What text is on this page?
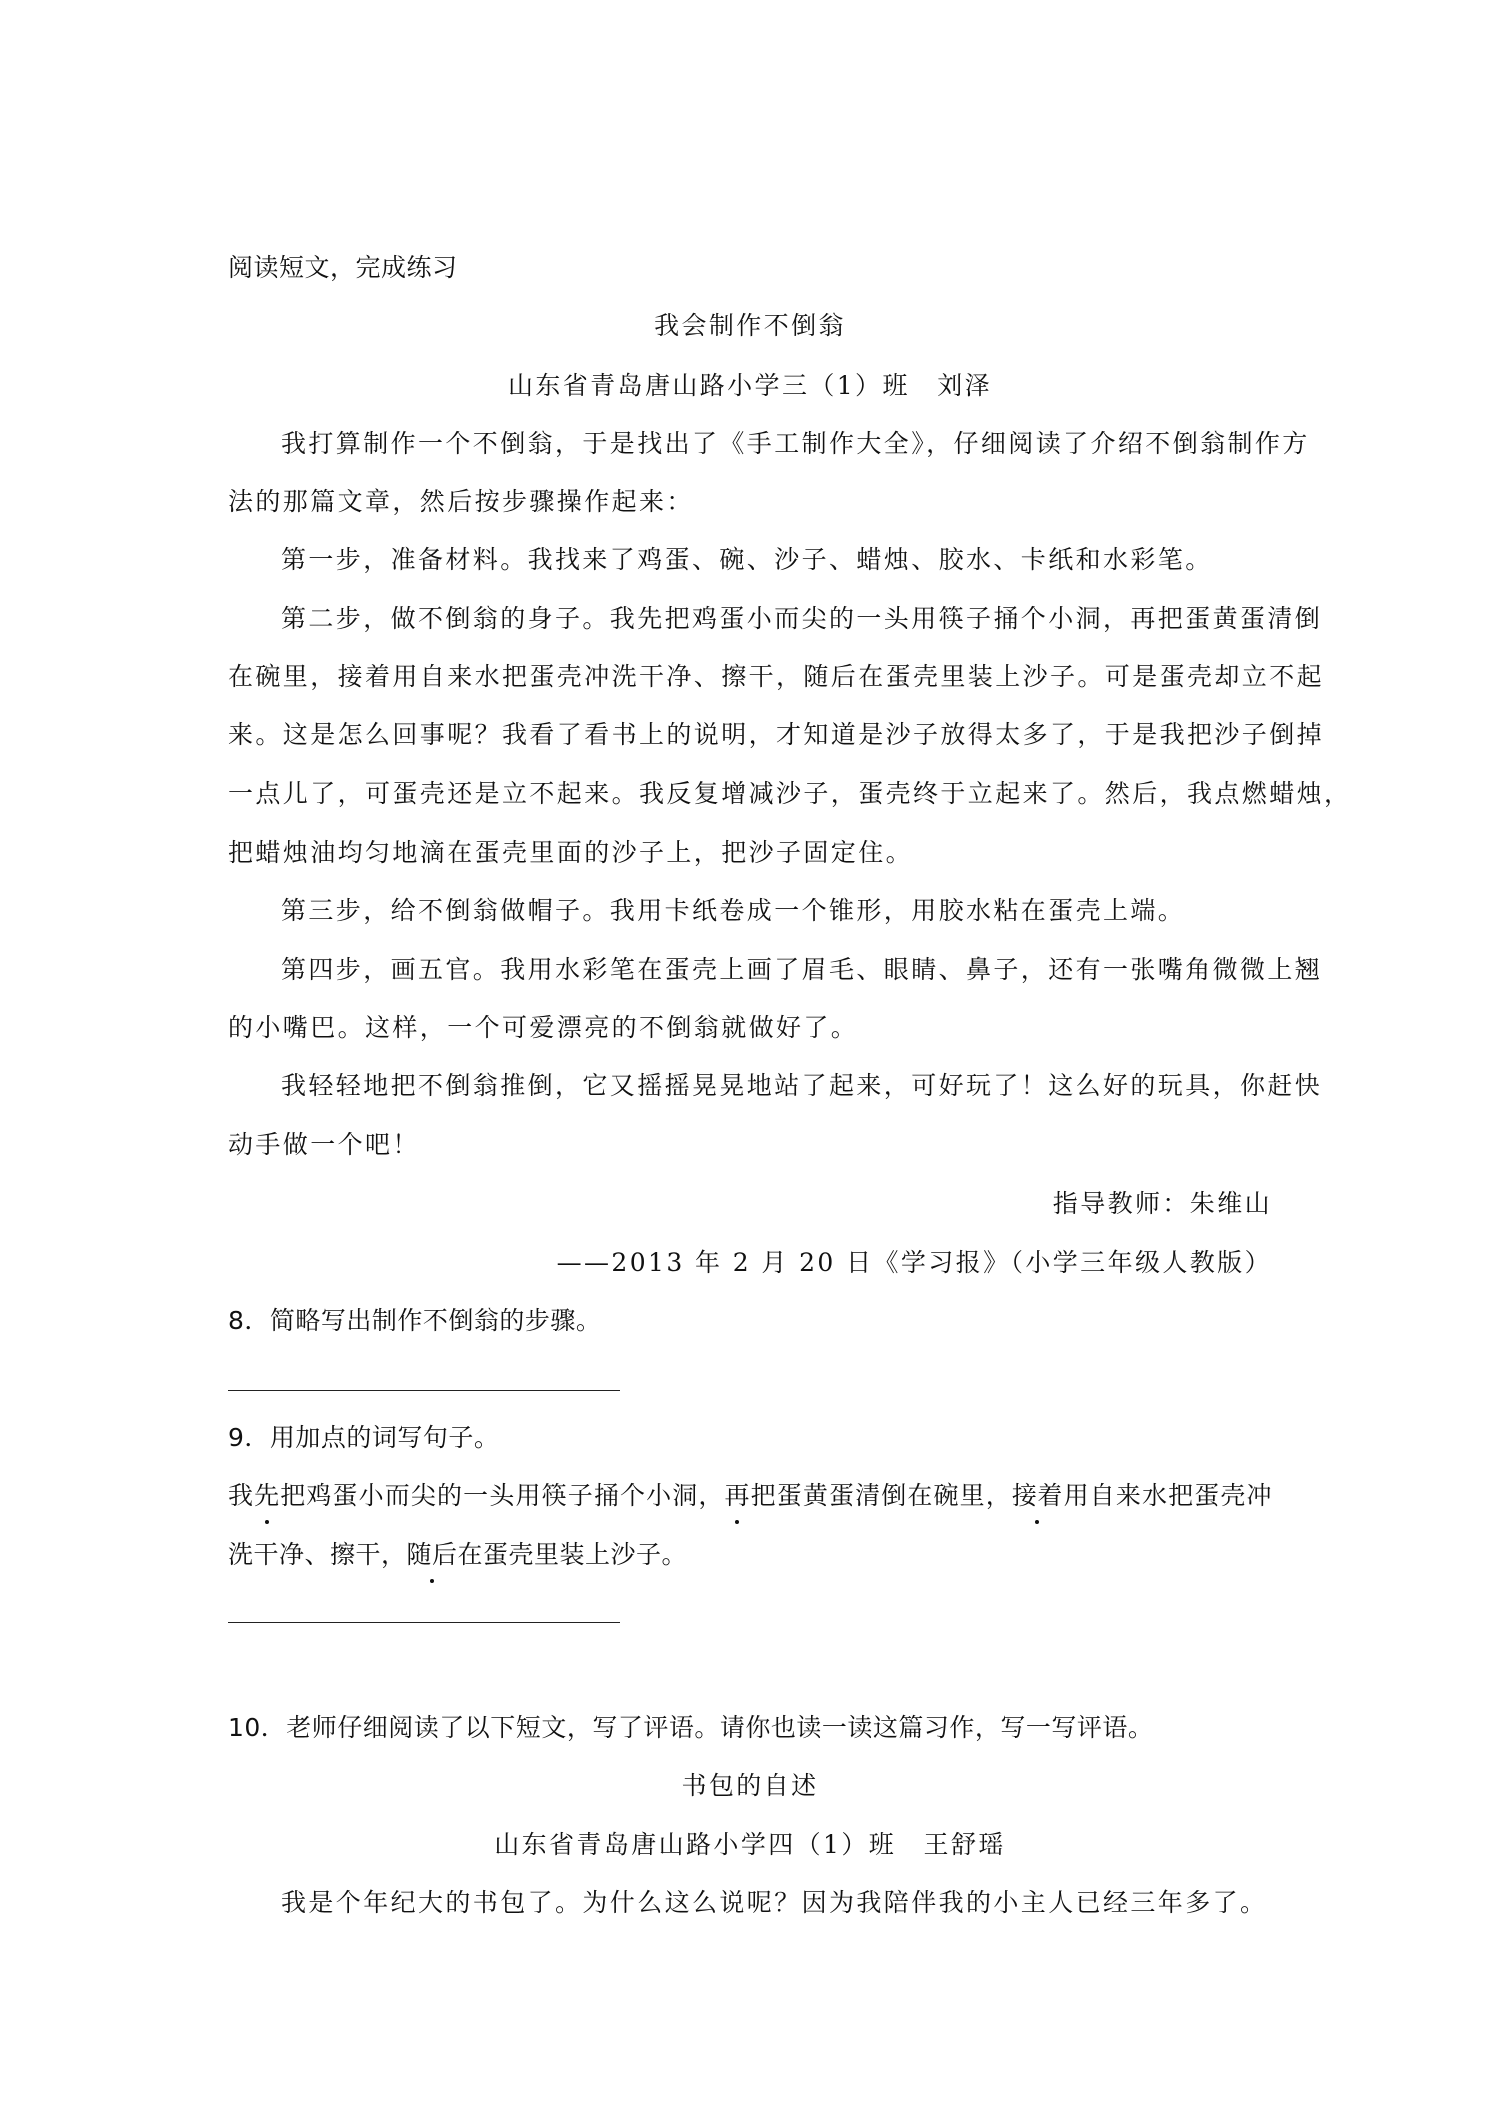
阅读短文，完成练习
我会制作不倒翁
山东省青岛唐山路小学三（1）班　刘泽
我打算制作一个不倒翁，于是找出了《手工制作大全》，仔细阅读了介绍不倒翁制作方
法的那篇文章，然后按步骤操作起来：
第一步，准备材料。我找来了鸡蛋、碗、沙子、蜡烛、胶水、卡纸和水彩笔。
第二步，做不倒翁的身子。我先把鸡蛋小而尖的一头用筷子捅个小洞，再把蛋黄蛋清倒
在碗里，接着用自来水把蛋壳冲洗干净、擦干，随后在蛋壳里装上沙子。可是蛋壳却立不起
来。这是怎么回事呢？我看了看书上的说明，才知道是沙子放得太多了，于是我把沙子倒掉
一点儿了，可蛋壳还是立不起来。我反复增减沙子，蛋壳终于立起来了。然后，我点燃蜡烛，
把蜡烛油均匀地滴在蛋壳里面的沙子上，把沙子固定住。
第三步，给不倒翁做帽子。我用卡纸卷成一个锥形，用胶水粘在蛋壳上端。
第四步，画五官。我用水彩笔在蛋壳上画了眉毛、眼睛、鼻子，还有一张嘴角微微上翘
的小嘴巴。这样，一个可爱漂亮的不倒翁就做好了。
我轻轻地把不倒翁推倒，它又摇摇晃晃地站了起来，可好玩了！这么好的玩具，你赶快
动手做一个吧！
指导教师：朱维山
——2013 年 2 月 20 日《学习报》（小学三年级人教版）
8．简略写出制作不倒翁的步骤。
9．用加点的词写句子。
我先把鸡蛋小而尖的一头用筷子捅个小洞，再把蛋黄蛋清倒在碗里，接着用自来水把蛋壳冲
洗干净、擦干，随后在蛋壳里装上沙子。
10．老师仔细阅读了以下短文，写了评语。请你也读一读这篇习作，写一写评语。
书包的自述
山东省青岛唐山路小学四（1）班　王舒瑶
我是个年纪大的书包了。为什么这么说呢？因为我陪伴我的小主人已经三年多了。
